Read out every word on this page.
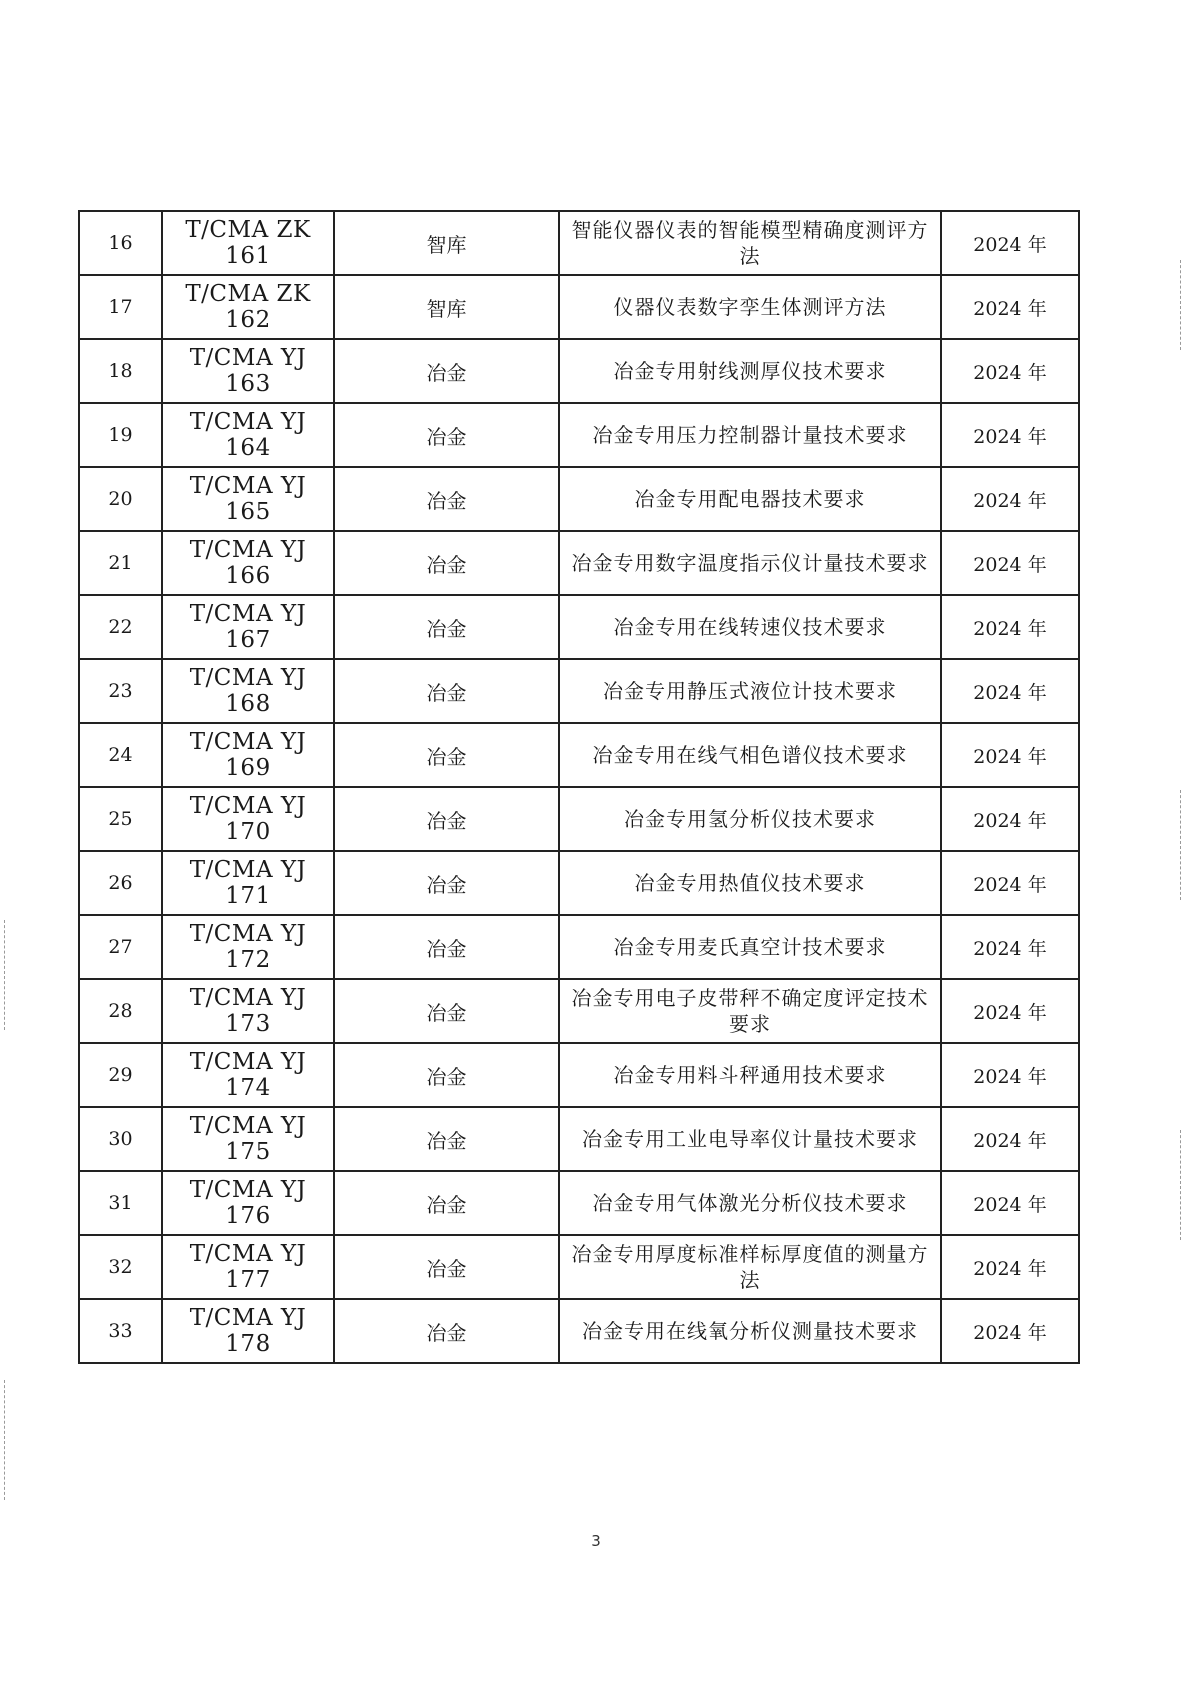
16	T/CMA ZK 161	智库	智能仪器仪表的智能模型精确度测评方法	2024 年
17	T/CMA ZK 162	智库	仪器仪表数字孪生体测评方法	2024 年
18	T/CMA YJ 163	冶金	冶金专用射线测厚仪技术要求	2024 年
19	T/CMA YJ 164	冶金	冶金专用压力控制器计量技术要求	2024 年
20	T/CMA YJ 165	冶金	冶金专用配电器技术要求	2024 年
21	T/CMA YJ 166	冶金	冶金专用数字温度指示仪计量技术要求	2024 年
22	T/CMA YJ 167	冶金	冶金专用在线转速仪技术要求	2024 年
23	T/CMA YJ 168	冶金	冶金专用静压式液位计技术要求	2024 年
24	T/CMA YJ 169	冶金	冶金专用在线气相色谱仪技术要求	2024 年
25	T/CMA YJ 170	冶金	冶金专用氢分析仪技术要求	2024 年
26	T/CMA YJ 171	冶金	冶金专用热值仪技术要求	2024 年
27	T/CMA YJ 172	冶金	冶金专用麦氏真空计技术要求	2024 年
28	T/CMA YJ 173	冶金	冶金专用电子皮带秤不确定度评定技术要求	2024 年
29	T/CMA YJ 174	冶金	冶金专用料斗秤通用技术要求	2024 年
30	T/CMA YJ 175	冶金	冶金专用工业电导率仪计量技术要求	2024 年
31	T/CMA YJ 176	冶金	冶金专用气体激光分析仪技术要求	2024 年
32	T/CMA YJ 177	冶金	冶金专用厚度标准样标厚度值的测量方法	2024 年
33	T/CMA YJ 178	冶金	冶金专用在线氧分析仪测量技术要求	2024 年
3
